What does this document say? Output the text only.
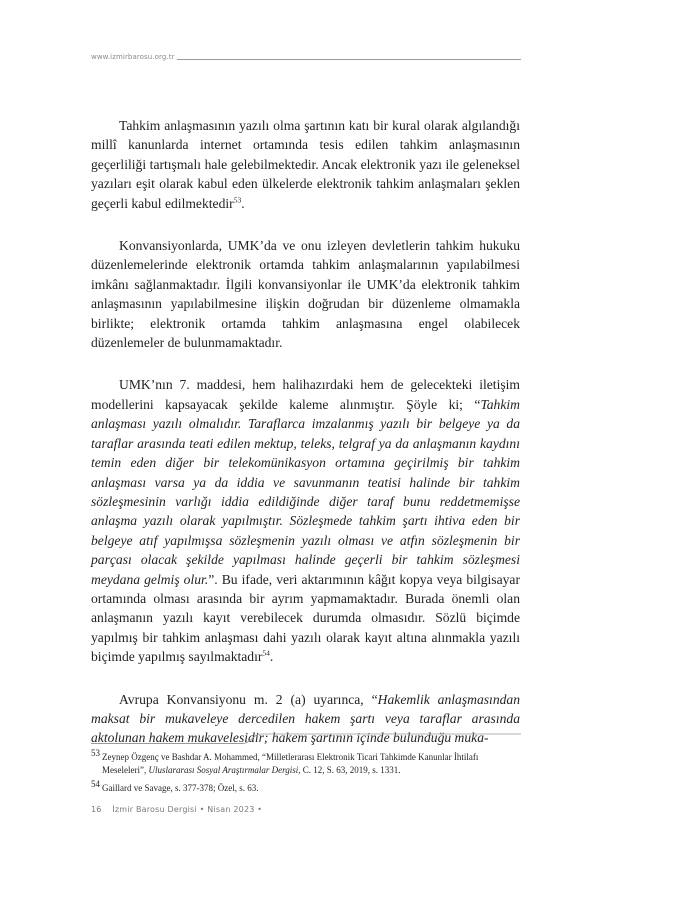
www.izmirbarosu.org.tr

Tahkim anlaşmasının yazılı olma şartının katı bir kural olarak algılandığı millî kanunlarda internet ortamında tesis edilen tahkim anlaşmasının geçerliliği tartışmalı hale gelebilmektedir. Ancak elektronik yazı ile geleneksel yazıları eşit olarak kabul eden ülkelerde elektronik tahkim anlaşmaları şeklen geçerli kabul edilmektedir$^{53}$.

Konvansiyonlarda, UMK’da ve onu izleyen devletlerin tahkim hukuku düzenlemelerinde elektronik ortamda tahkim anlaşmalarının yapılabilmesi imkânı sağlanmaktadır. İlgili konvansiyonlar ile UMK’da elektronik tahkim anlaşmasının yapılabilmesine ilişkin doğrudan bir düzenleme olmamakla birlikte; elektronik ortamda tahkim anlaşmasına engel olabilecek düzenlemeler de bulunmamaktadır.

UMK’nın 7. maddesi, hem halihazırdaki hem de gelecekteki iletişim modellerini kapsayacak şekilde kaleme alınmıştır. Şöyle ki; “Tahkim anlaşması yazılı olmalıdır. Taraflarca imzalanmış yazılı bir belgeye ya da taraflar arasında teati edilen mektup, teleks, telgraf ya da anlaşmanın kaydını temin eden diğer bir telekomünikasyon ortamına geçirilmiş bir tahkim anlaşması varsa ya da iddia ve savunmanın teatisi halinde bir tahkim sözleşmesinin varlığı iddia edildiğinde diğer taraf bunu reddetmemişse anlaşma yazılı olarak yapılmıştır. Sözleşmede tahkim şartı ihtiva eden bir belgeye atıf yapılmışsa sözleşmenin yazılı olması ve atfın sözleşmenin bir parçası olacak şekilde yapılması halinde geçerli bir tahkim sözleşmesi meydana gelmiş olur.”. Bu ifade, veri aktarımının kâğıt kopya veya bilgisayar ortamında olması arasında bir ayrım yapmamaktadır. Burada önemli olan anlaşmanın yazılı kayıt verebilecek durumda olmasıdır. Sözlü biçimde yapılmış bir tahkim anlaşması dahi yazılı olarak kayıt altına alınmakla yazılı biçimde yapılmış sayılmaktadır$^{54}$.

Avrupa Konvansiyonu m. 2 (a) uyarınca, “Hakemlik anlaşmasından maksat bir mukaveleye dercedilen hakem şartı veya taraflar arasında aktolunan hakem mukavelesidir; hakem şartının içinde bulunduğu muka-

$^{53}$ Zeynep Özgenç ve Bashdar A. Mohammed, “Milletlerarası Elektronik Ticari Tahkimde Kanunlar İhtilafı Meseleleri”, Uluslararası Sosyal Araştırmalar Dergisi, C. 12, S. 63, 2019, s. 1331.
$^{54}$ Gaillard ve Savage, s. 377-378; Özel, s. 63.
16 İzmir Barosu Dergisi • Nisan 2023 •
